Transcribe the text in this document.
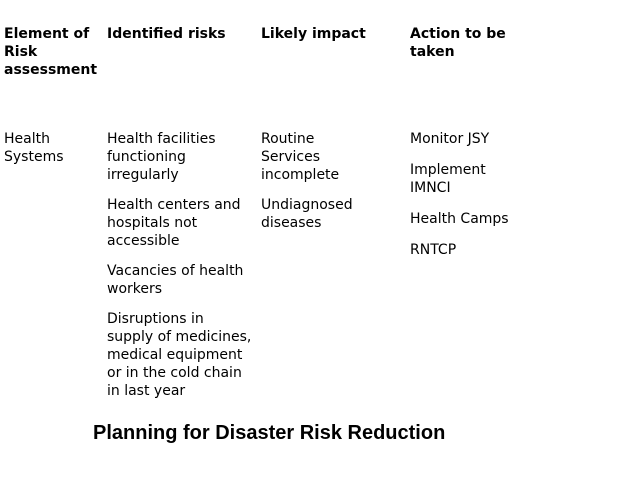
Element of Risk assessment
Identified risks	Likely impact	Action to be taken
Health Systems
Health facilities functioning irregularly
Health centers and hospitals not accessible
Vacancies of health workers
Disruptions in supply of medicines, medical equipment or in the cold chain in last year
Routine Services incomplete
Undiagnosed diseases
Monitor JSY
Implement IMNCI
Health Camps
RNTCP
Planning for Disaster Risk Reduction
